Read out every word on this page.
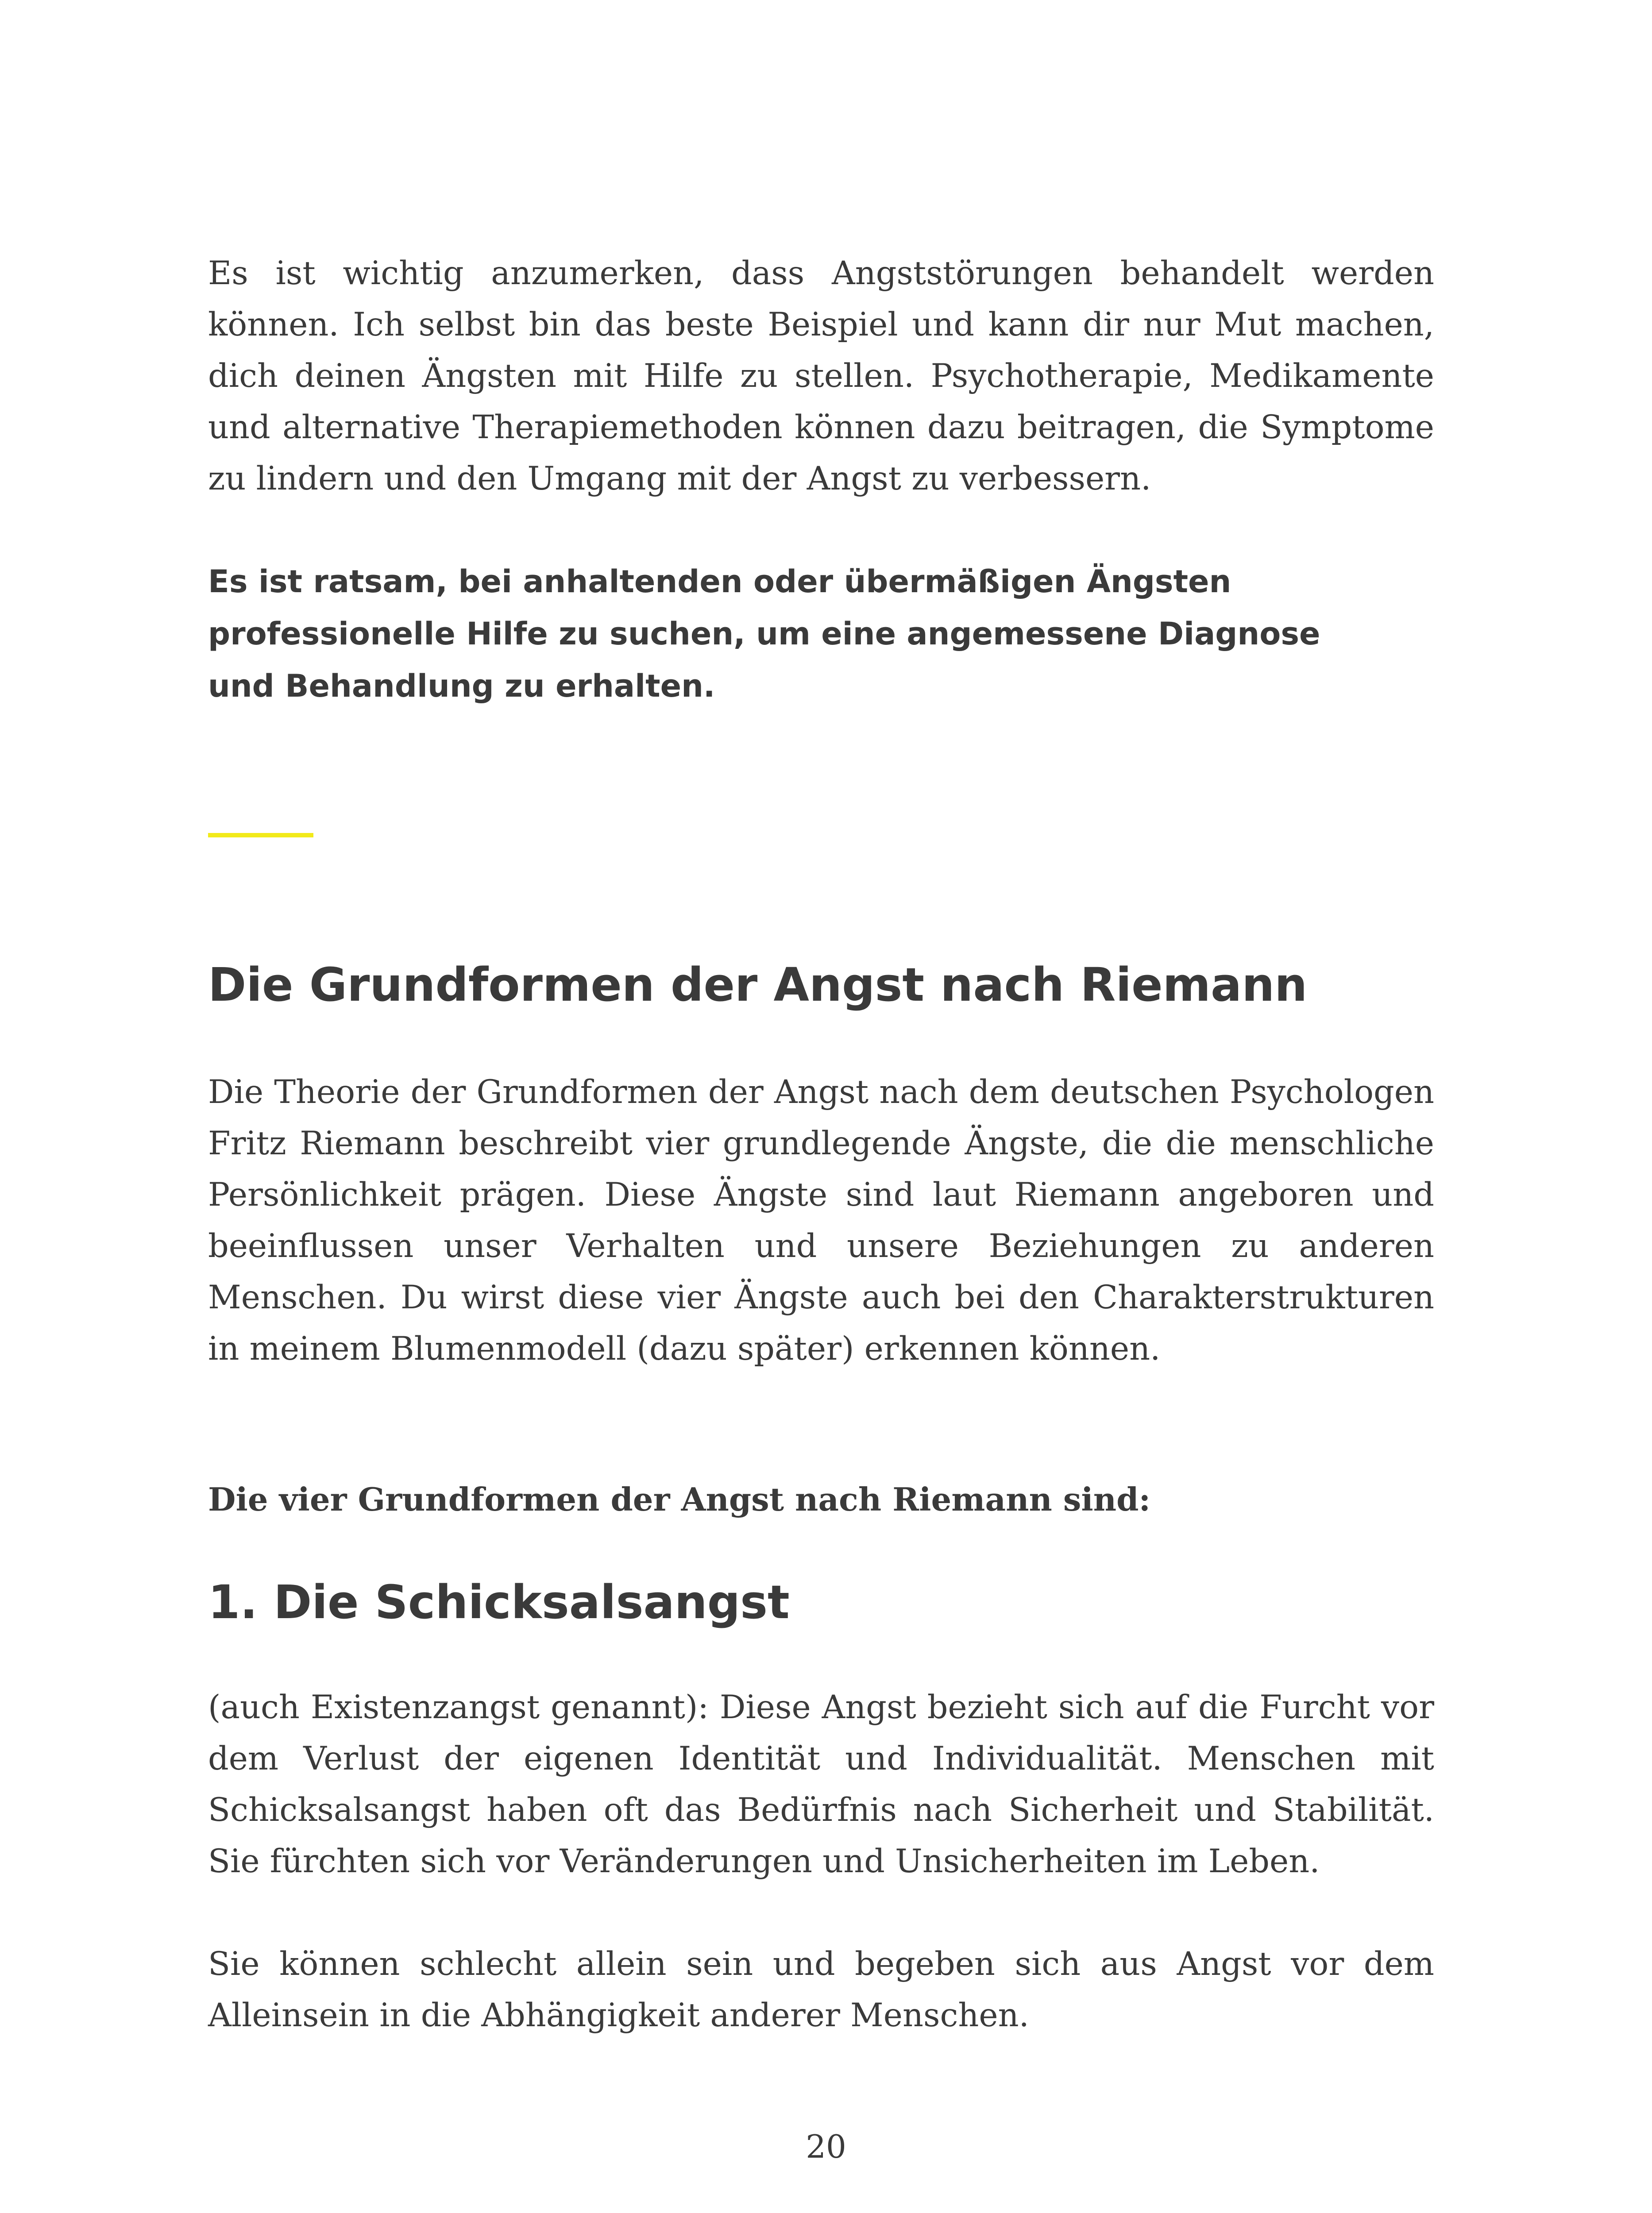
Es ist wichtig anzumerken, dass Angststörungen behandelt werden können. Ich selbst bin das beste Beispiel und kann dir nur Mut machen, dich deinen Ängsten mit Hilfe zu stellen. Psychotherapie, Medikamente und alternative Therapiemethoden können dazu beitragen, die Symptome zu lindern und den Umgang mit der Angst zu verbessern.

Es ist ratsam, bei anhaltenden oder übermäßigen Ängsten
professionelle Hilfe zu suchen, um eine angemessene Diagnose
und Behandlung zu erhalten.

Die Grundformen der Angst nach Riemann

Die Theorie der Grundformen der Angst nach dem deutschen Psychologen Fritz Riemann beschreibt vier grundlegende Ängste, die die menschliche Persönlichkeit prägen. Diese Ängste sind laut Riemann angeboren und beeinflussen unser Verhalten und unsere Beziehungen zu anderen Menschen. Du wirst diese vier Ängste auch bei den Charakterstrukturen in meinem Blumenmodell (dazu später) erkennen können.

Die vier Grundformen der Angst nach Riemann sind:

1. Die Schicksalsangst

(auch Existenzangst genannt): Diese Angst bezieht sich auf die Furcht vor dem Verlust der eigenen Identität und Individualität. Menschen mit Schicksalsangst haben oft das Bedürfnis nach Sicherheit und Stabilität. Sie fürchten sich vor Veränderungen und Unsicherheiten im Leben.

Sie können schlecht allein sein und begeben sich aus Angst vor dem Alleinsein in die Abhängigkeit anderer Menschen.

20
